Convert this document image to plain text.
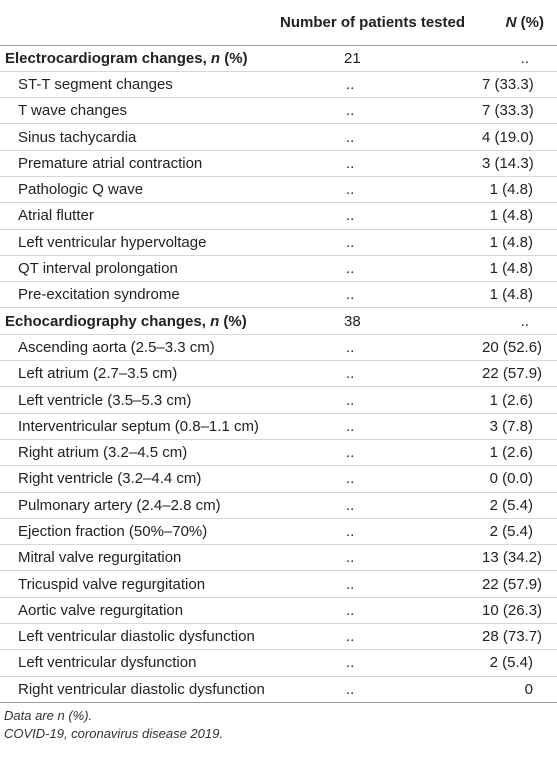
	Number of patients tested	N (%)
Electrocardiogram changes, n (%)	21	..
ST-T segment changes	..	7 (33.3)
T wave changes	..	7 (33.3)
Sinus tachycardia	..	4 (19.0)
Premature atrial contraction	..	3 (14.3)
Pathologic Q wave	..	1 (4.8)
Atrial flutter	..	1 (4.8)
Left ventricular hypervoltage	..	1 (4.8)
QT interval prolongation	..	1 (4.8)
Pre-excitation syndrome	..	1 (4.8)
Echocardiography changes, n (%)	38	..
Ascending aorta (2.5–3.3 cm)	..	20 (52.6)
Left atrium (2.7–3.5 cm)	..	22 (57.9)
Left ventricle (3.5–5.3 cm)	..	1 (2.6)
Interventricular septum (0.8–1.1 cm)	..	3 (7.8)
Right atrium (3.2–4.5 cm)	..	1 (2.6)
Right ventricle (3.2–4.4 cm)	..	0 (0.0)
Pulmonary artery (2.4–2.8 cm)	..	2 (5.4)
Ejection fraction (50%–70%)	..	2 (5.4)
Mitral valve regurgitation	..	13 (34.2)
Tricuspid valve regurgitation	..	22 (57.9)
Aortic valve regurgitation	..	10 (26.3)
Left ventricular diastolic dysfunction	..	28 (73.7)
Left ventricular dysfunction	..	2 (5.4)
Right ventricular diastolic dysfunction	..	0
Data are n (%).
COVID-19, coronavirus disease 2019.
